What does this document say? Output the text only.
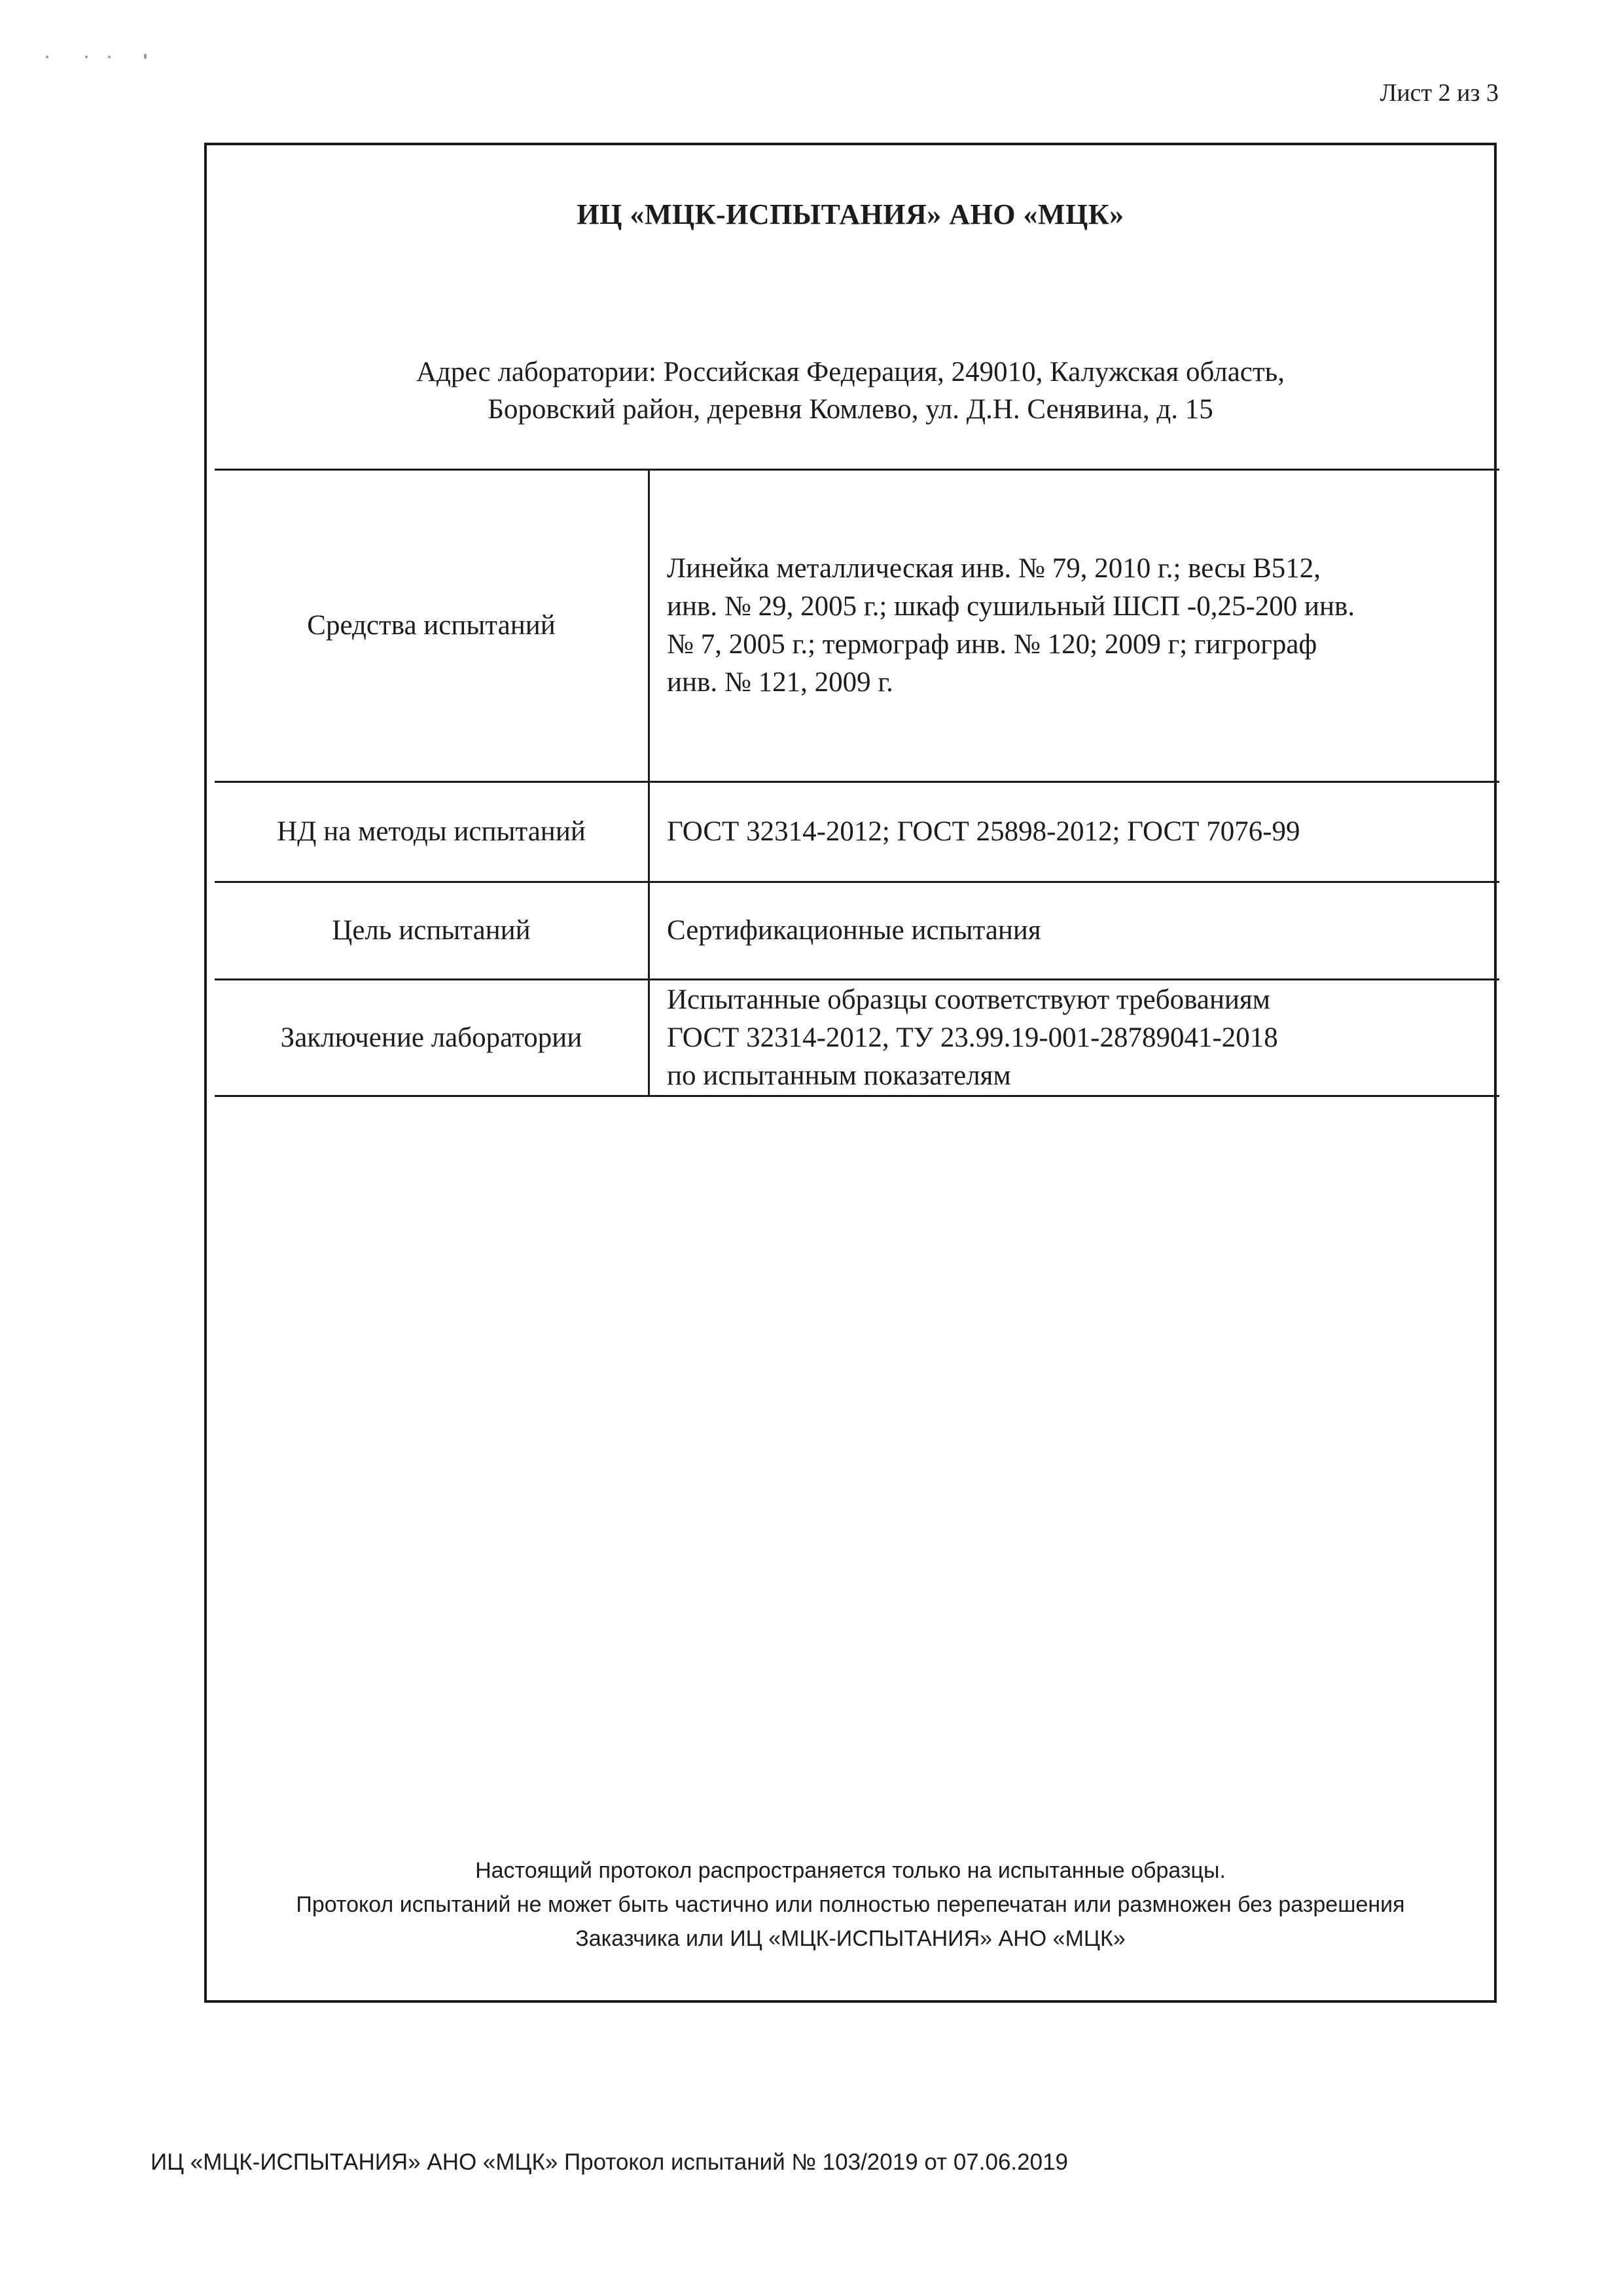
Лист 2 из 3
ИЦ «МЦК-ИСПЫТАНИЯ» АНО «МЦК»
Адрес лаборатории: Российская Федерация, 249010, Калужская область,
Боровский район, деревня Комлево, ул. Д.Н. Сенявина, д. 15
Средства испытаний	Линейка металлическая инв. № 79, 2010 г.; весы В512,
инв. № 29, 2005 г.; шкаф сушильный ШСП -0,25-200 инв.
№ 7, 2005 г.; термограф инв. № 120; 2009 г; гигрограф
инв. № 121, 2009 г.

НД на методы испытаний	ГОСТ 32314-2012; ГОСТ 25898-2012; ГОСТ 7076-99

Цель испытаний	Сертификационные испытания

Заключение лаборатории	Испытанные образцы соответствуют требованиям
ГОСТ 32314-2012, ТУ 23.99.19-001-28789041-2018
по испытанным показателям
Настоящий протокол распространяется только на испытанные образцы.
Протокол испытаний не может быть частично или полностью перепечатан или размножен без разрешения
Заказчика или ИЦ «МЦК-ИСПЫТАНИЯ» АНО «МЦК»
ИЦ «МЦК-ИСПЫТАНИЯ» АНО «МЦК» Протокол испытаний № 103/2019 от 07.06.2019
